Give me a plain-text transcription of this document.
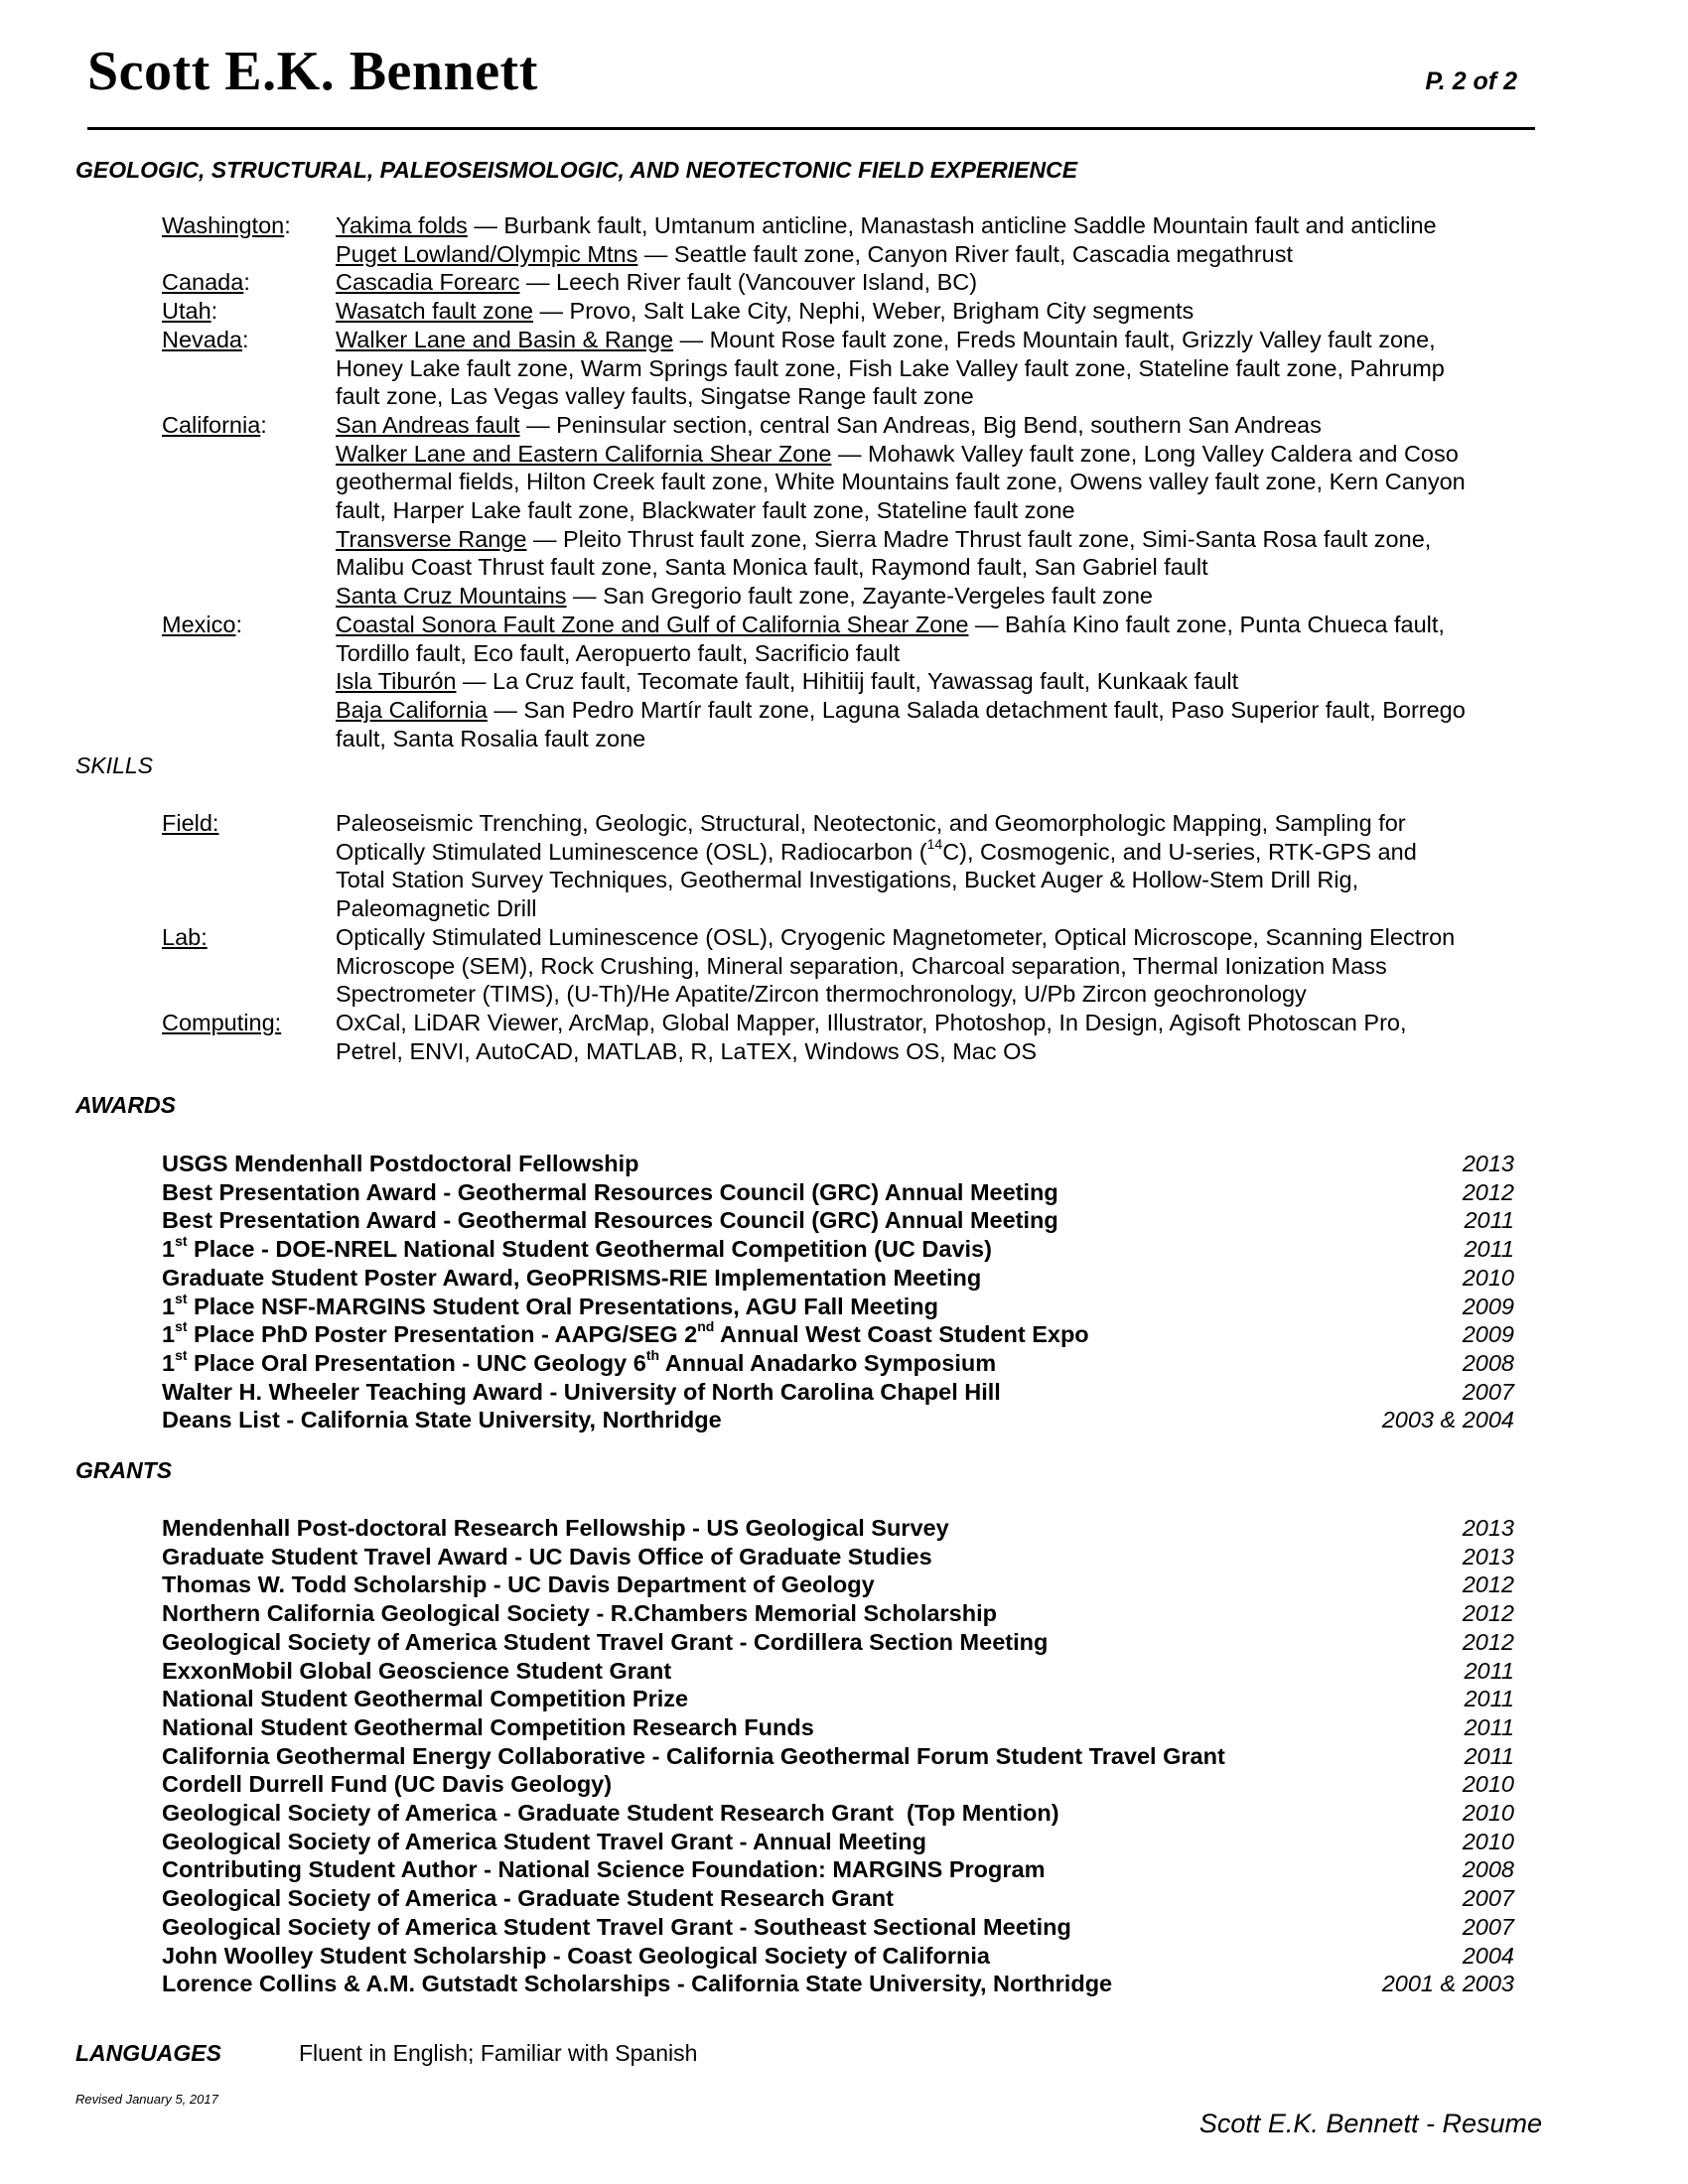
Scott E.K. Bennett	P. 2 of 2
GEOLOGIC, STRUCTURAL, PALEOSEISMOLOGIC, AND NEOTECTONIC FIELD EXPERIENCE
Washington:	Yakima folds — Burbank fault, Umtanum anticline, Manastash anticline Saddle Mountain fault and anticline
Puget Lowland/Olympic Mtns — Seattle fault zone, Canyon River fault, Cascadia megathrust
Canada:	Cascadia Forearc — Leech River fault (Vancouver Island, BC)
Utah:	Wasatch fault zone — Provo, Salt Lake City, Nephi, Weber, Brigham City segments
Nevada:	Walker Lane and Basin & Range — Mount Rose fault zone, Freds Mountain fault, Grizzly Valley fault zone,
Honey Lake fault zone, Warm Springs fault zone, Fish Lake Valley fault zone, Stateline fault zone, Pahrump
fault zone, Las Vegas valley faults, Singatse Range fault zone
California:	San Andreas fault — Peninsular section, central San Andreas, Big Bend, southern San Andreas
Walker Lane and Eastern California Shear Zone — Mohawk Valley fault zone, Long Valley Caldera and Coso
geothermal fields, Hilton Creek fault zone, White Mountains fault zone, Owens valley fault zone, Kern Canyon
fault, Harper Lake fault zone, Blackwater fault zone, Stateline fault zone
Transverse Range — Pleito Thrust fault zone, Sierra Madre Thrust fault zone, Simi-Santa Rosa fault zone,
Malibu Coast Thrust fault zone, Santa Monica fault, Raymond fault, San Gabriel fault
Santa Cruz Mountains — San Gregorio fault zone, Zayante-Vergeles fault zone
Mexico:	Coastal Sonora Fault Zone and Gulf of California Shear Zone — Bahía Kino fault zone, Punta Chueca fault,
Tordillo fault, Eco fault, Aeropuerto fault, Sacrificio fault
Isla Tiburón — La Cruz fault, Tecomate fault, Hihitiij fault, Yawassag fault, Kunkaak fault
Baja California — San Pedro Martír fault zone, Laguna Salada detachment fault, Paso Superior fault, Borrego
fault, Santa Rosalia fault zone
SKILLS
Field:	Paleoseismic Trenching, Geologic, Structural, Neotectonic, and Geomorphologic Mapping, Sampling for
Optically Stimulated Luminescence (OSL), Radiocarbon ($^{14}$C), Cosmogenic, and U-series, RTK-GPS and
Total Station Survey Techniques, Geothermal Investigations, Bucket Auger & Hollow-Stem Drill Rig,
Paleomagnetic Drill
Lab:	Optically Stimulated Luminescence (OSL), Cryogenic Magnetometer, Optical Microscope, Scanning Electron
Microscope (SEM), Rock Crushing, Mineral separation, Charcoal separation, Thermal Ionization Mass
Spectrometer (TIMS), (U-Th)/He Apatite/Zircon thermochronology, U/Pb Zircon geochronology
Computing:	OxCal, LiDAR Viewer, ArcMap, Global Mapper, Illustrator, Photoshop, In Design, Agisoft Photoscan Pro,
Petrel, ENVI, AutoCAD, MATLAB, R, LaTEX, Windows OS, Mac OS
AWARDS
USGS Mendenhall Postdoctoral Fellowship	2013
Best Presentation Award - Geothermal Resources Council (GRC) Annual Meeting	2012
Best Presentation Award - Geothermal Resources Council (GRC) Annual Meeting	2011
1st Place - DOE-NREL National Student Geothermal Competition (UC Davis)	2011
Graduate Student Poster Award, GeoPRISMS-RIE Implementation Meeting	2010
1st Place NSF-MARGINS Student Oral Presentations, AGU Fall Meeting	2009
1st Place PhD Poster Presentation - AAPG/SEG 2nd Annual West Coast Student Expo	2009
1st Place Oral Presentation - UNC Geology 6th Annual Anadarko Symposium	2008
Walter H. Wheeler Teaching Award - University of North Carolina Chapel Hill	2007
Deans List - California State University, Northridge	2003 & 2004
GRANTS
Mendenhall Post-doctoral Research Fellowship - US Geological Survey	2013
Graduate Student Travel Award - UC Davis Office of Graduate Studies	2013
Thomas W. Todd Scholarship - UC Davis Department of Geology	2012
Northern California Geological Society - R.Chambers Memorial Scholarship	2012
Geological Society of America Student Travel Grant - Cordillera Section Meeting	2012
ExxonMobil Global Geoscience Student Grant	2011
National Student Geothermal Competition Prize	2011
National Student Geothermal Competition Research Funds	2011
California Geothermal Energy Collaborative - California Geothermal Forum Student Travel Grant	2011
Cordell Durrell Fund (UC Davis Geology)	2010
Geological Society of America - Graduate Student Research Grant  (Top Mention)	2010
Geological Society of America Student Travel Grant - Annual Meeting	2010
Contributing Student Author - National Science Foundation: MARGINS Program	2008
Geological Society of America - Graduate Student Research Grant	2007
Geological Society of America Student Travel Grant - Southeast Sectional Meeting	2007
John Woolley Student Scholarship - Coast Geological Society of California	2004
Lorence Collins & A.M. Gutstadt Scholarships - California State University, Northridge	2001 & 2003
LANGUAGES	Fluent in English; Familiar with Spanish
Revised January 5, 2017
Scott E.K. Bennett - Resume
